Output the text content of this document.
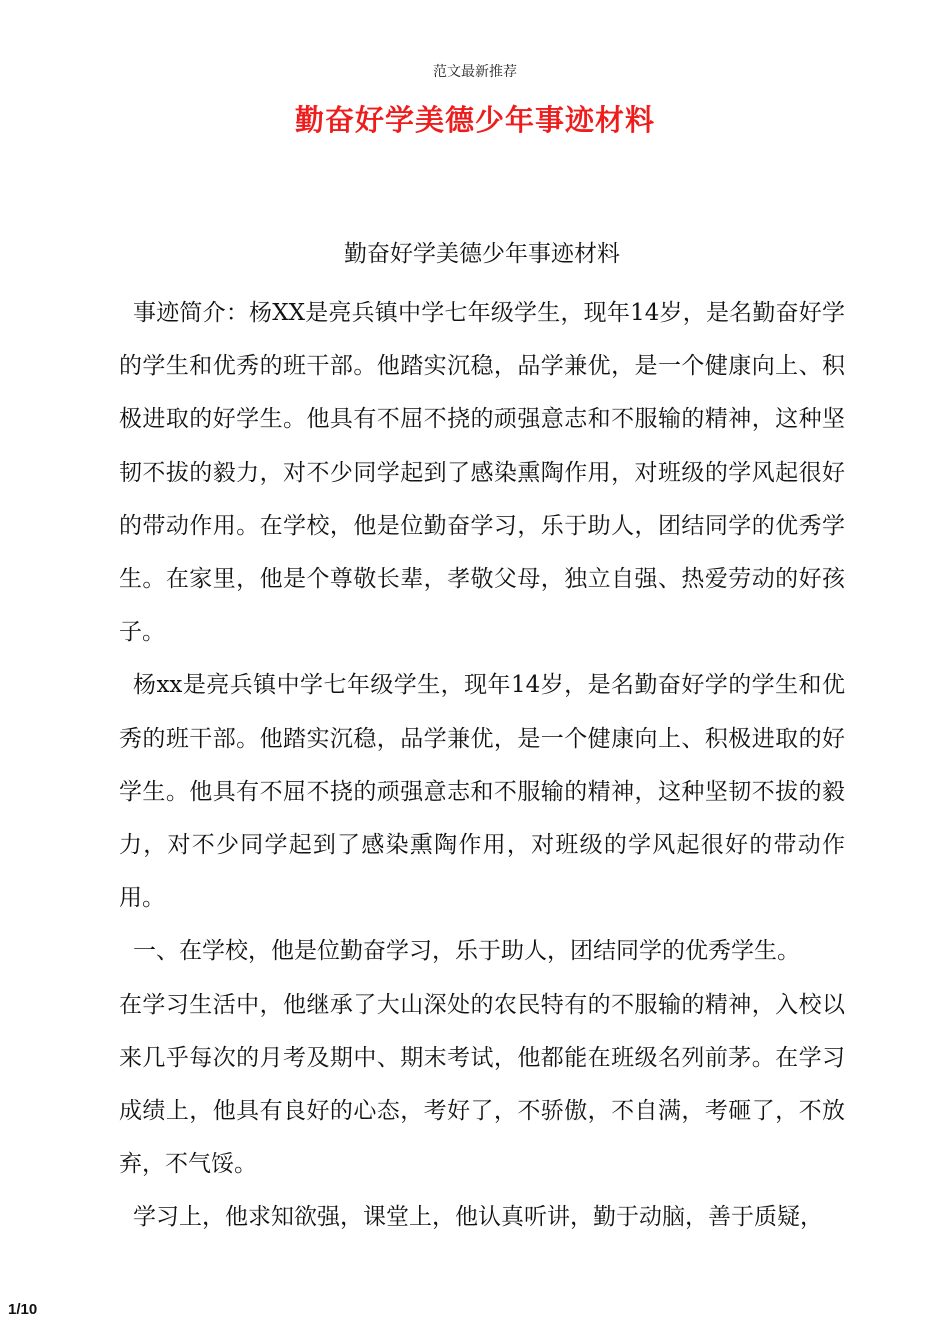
范文最新推荐
勤奋好学美德少年事迹材料
勤奋好学美德少年事迹材料

事迹简介：杨XX是亮兵镇中学七年级学生，现年14岁，是名勤奋好学的学生和优秀的班干部。他踏实沉稳，品学兼优，是一个健康向上、积极进取的好学生。他具有不屈不挠的顽强意志和不服输的精神，这种坚韧不拔的毅力，对不少同学起到了感染熏陶作用，对班级的学风起很好的带动作用。在学校，他是位勤奋学习，乐于助人，团结同学的优秀学生。在家里，他是个尊敬长辈，孝敬父母，独立自强、热爱劳动的好孩子。

杨xx是亮兵镇中学七年级学生，现年14岁，是名勤奋好学的学生和优秀的班干部。他踏实沉稳，品学兼优，是一个健康向上、积极进取的好学生。他具有不屈不挠的顽强意志和不服输的精神，这种坚韧不拔的毅力，对不少同学起到了感染熏陶作用，对班级的学风起很好的带动作用。

一、在学校，他是位勤奋学习，乐于助人，团结同学的优秀学生。

在学习生活中，他继承了大山深处的农民特有的不服输的精神，入校以来几乎每次的月考及期中、期末考试，他都能在班级名列前茅。在学习成绩上，他具有良好的心态，考好了，不骄傲，不自满，考砸了，不放弃，不气馁。

学习上，他求知欲强，课堂上，他认真听讲，勤于动脑，善于质疑，

1/10
